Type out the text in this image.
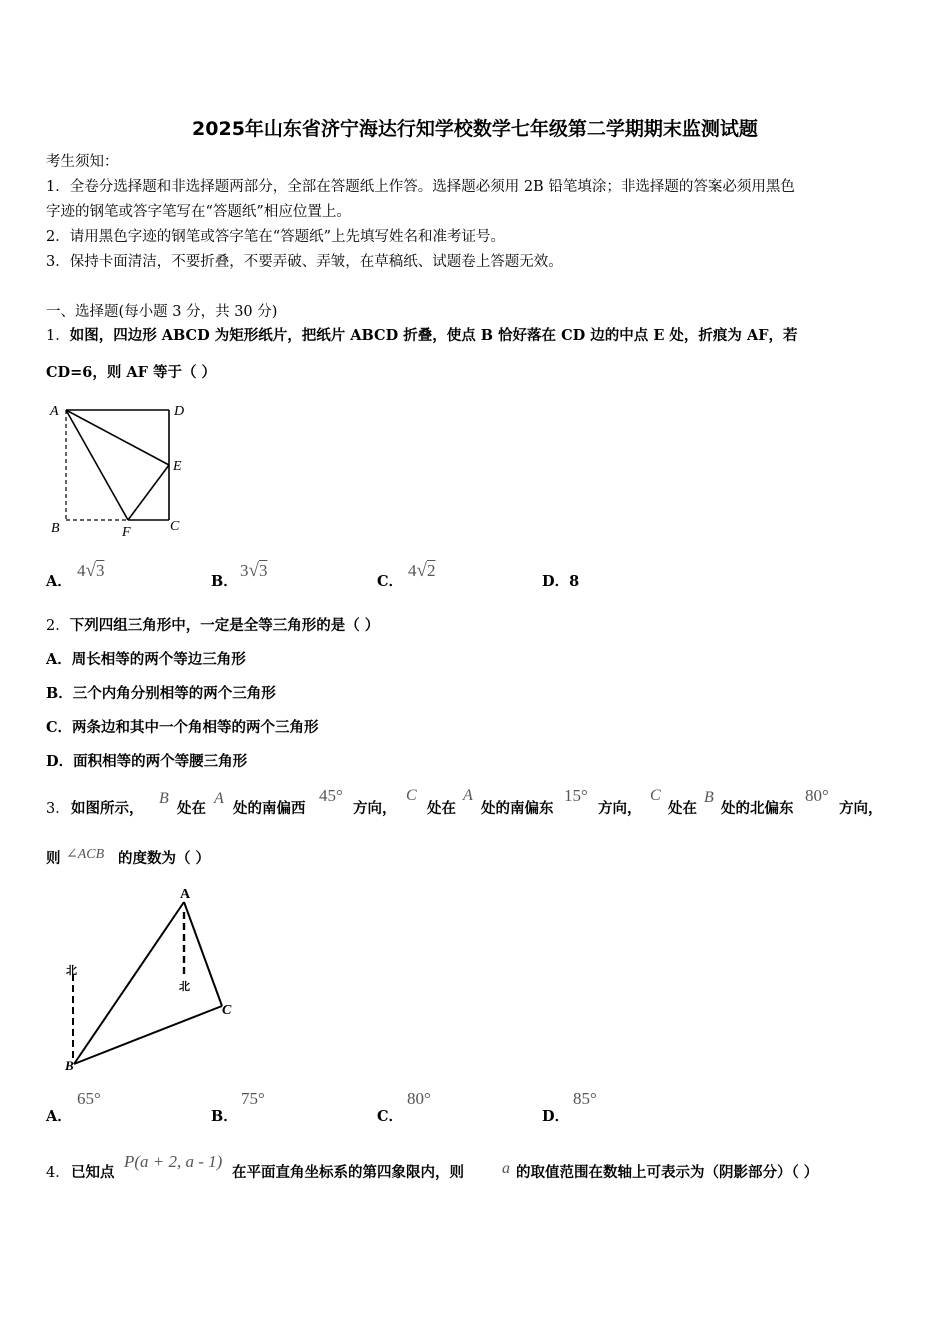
2025年山东省济宁海达行知学校数学七年级第二学期期末监测试题
考生须知：
1．全卷分选择题和非选择题两部分，全部在答题纸上作答。选择题必须用 2B 铅笔填涂；非选择题的答案必须用黑色
字迹的钢笔或答字笔写在“答题纸”相应位置上。
2．请用黑色字迹的钢笔或答字笔在“答题纸”上先填写姓名和准考证号。
3．保持卡面清洁，不要折叠，不要弄破、弄皱，在草稿纸、试题卷上答题无效。
一、选择题(每小题 3 分，共 30 分)
1．如图，四边形 ABCD 为矩形纸片，把纸片 ABCD 折叠，使点 B 恰好落在 CD 边的中点 E 处，折痕为 AF，若
CD=6，则 AF 等于（ ）
A	D
E
B	F	C
A．
4√3
B．
3√3
C．
4√2
D．8
2．下列四组三角形中，一定是全等三角形的是（ ）
A．周长相等的两个等边三角形
B．三个内角分别相等的两个三角形
C．两条边和其中一个角相等的两个三角形
D．面积相等的两个等腰三角形
3． 如图所示，
B
处在
A
处的南偏西
45°
方向，
C
处在
A
处的南偏东
15°
方向，
C
处在
B
处的北偏东
80°
方向，
则 ∠ACB 的度数为（ ）
A
C
B
北
北
A．
65°
B．
75°
C．
80°
D．
85°
4． 已知点
P(a + 2, a - 1)
在平面直角坐标系的第四象限内，则 a 的取值范围在数轴上可表示为（阴影部分）（ ）
